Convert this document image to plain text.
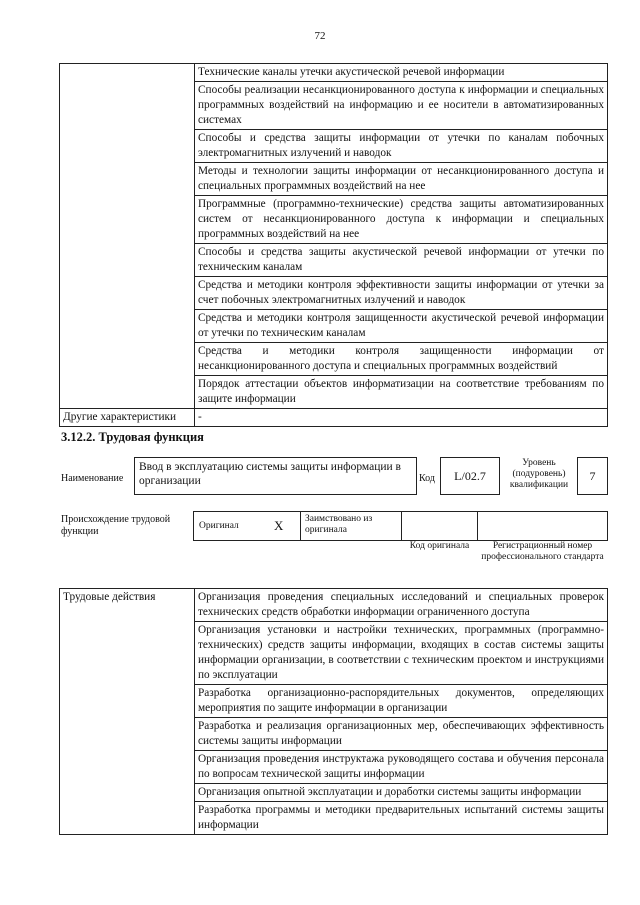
72
	Технические каналы утечки акустической речевой информации
	Способы реализации несанкционированного доступа к информации и специальных программных воздействий на информацию и ее носители в автоматизированных системах
	Способы и средства защиты информации от утечки по каналам побочных электромагнитных излучений и наводок
	Методы и технологии защиты информации от несанкционированного доступа и специальных программных воздействий на нее
	Программные (программно-технические) средства защиты автоматизированных систем от несанкционированного доступа к информации и специальных программных воздействий на нее
	Способы и средства защиты акустической речевой информации от утечки по техническим каналам
	Средства и методики контроля эффективности защиты информации от утечки за счет побочных электромагнитных излучений и наводок
	Средства и методики контроля защищенности акустической речевой информации от утечки по техническим каналам
	Средства и методики контроля защищенности информации от несанкционированного доступа и специальных программных воздействий
	Порядок аттестации объектов информатизации на соответствие требованиям по защите информации
Другие характеристики	-
3.12.2. Трудовая функция
Наименование
Ввод в эксплуатацию системы защиты информации в организации	Код	L/02.7
Уровень (подуровень) квалификации
7
Происхождение трудовой функции	Оригинал	X	Заимствовано из оригинала
Код оригинала	Регистрационный номер профессионального стандарта
Трудовые действия	Организация проведения специальных исследований и специальных проверок технических средств обработки информации ограниченного доступа
Организация установки и настройки технических, программных (программно-технических) средств защиты информации, входящих в состав системы защиты информации организации, в соответствии с техническим проектом и инструкциями по эксплуатации
Разработка организационно-распорядительных документов, определяющих мероприятия по защите информации в организации
Разработка и реализация организационных мер, обеспечивающих эффективность системы защиты информации
Организация проведения инструктажа руководящего состава и обучения персонала по вопросам технической защиты информации
Организация опытной эксплуатации и доработки системы защиты информации
Разработка программы и методики предварительных испытаний системы защиты информации
